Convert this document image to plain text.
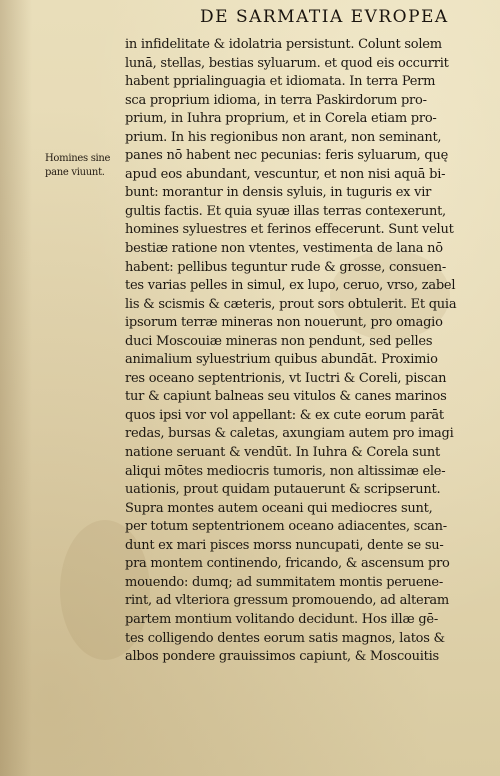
DE SARMATIA EVROPEA
Homines sine
pane viuunt.
in infidelitate & idolatria persistunt. Colunt solem
lunā, stellas, bestias syluarum. et quod eis occurrit
habent pprialinguagia et idiomata. In terra Perm
sca proprium idioma, in terra Paskirdorum pro-
prium, in Iuhra proprium, et in Corela etiam pro-
prium. In his regionibus non arant, non seminant,
panes nō habent nec pecunias: feris syluarum, quę
apud eos abundant, vescuntur, et non nisi aquā bi-
bunt: morantur in densis syluis, in tuguris ex vir
gultis factis. Et quia syuæ illas terras contexerunt,
homines syluestres et ferinos effecerunt. Sunt velut
bestiæ ratione non vtentes, vestimenta de lana nō
habent: pellibus teguntur rude & grosse, consuen-
tes varias pelles in simul, ex lupo, ceruo, vrso, zabel
lis & scismis & cæteris, prout sors obtulerit. Et quia
ipsorum terræ mineras non nouerunt, pro omagio
duci Moscouiæ mineras non pendunt, sed pelles
animalium syluestrium quibus abundāt. Proximio
res oceano septentrionis, vt Iuctri & Coreli, piscan
tur & capiunt balneas seu vitulos & canes marinos
quos ipsi vor vol appellant: & ex cute eorum parāt
redas, bursas & caletas, axungiam autem pro imagi
natione seruant & vendūt. In Iuhra & Corela sunt
aliqui mōtes mediocris tumoris, non altissimæ ele-
uationis, prout quidam putauerunt & scripserunt.
Supra montes autem oceani qui mediocres sunt,
per totum septentrionem oceano adiacentes, scan-
dunt ex mari pisces morss nuncupati, dente se su-
pra montem continendo, fricando, & ascensum pro
mouendo: dumq; ad summitatem montis peruene-
rint, ad vlteriora gressum promouendo, ad alteram
partem montium volitando decidunt. Hos illæ gē-
tes colligendo dentes eorum satis magnos, latos &
albos pondere grauissimos capiunt, & Moscouitis
